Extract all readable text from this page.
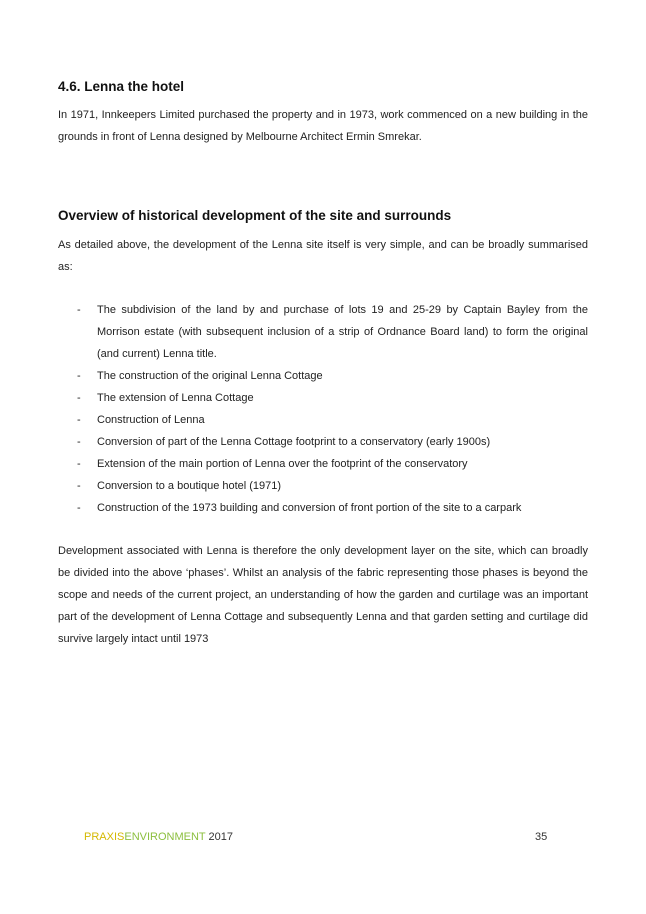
4.6. Lenna the hotel

In 1971, Innkeepers Limited purchased the property and in 1973, work commenced on a new building in the grounds in front of Lenna designed by Melbourne Architect Ermin Smrekar.

Overview of historical development of the site and surrounds

As detailed above, the development of the Lenna site itself is very simple, and can be broadly summarised as:

- The subdivision of the land by and purchase of lots 19 and 25-29 by Captain Bayley from the Morrison estate (with subsequent inclusion of a strip of Ordnance Board land) to form the original (and current) Lenna title.
- The construction of the original Lenna Cottage
- The extension of Lenna Cottage
- Construction of Lenna
- Conversion of part of the Lenna Cottage footprint to a conservatory (early 1900s)
- Extension of the main portion of Lenna over the footprint of the conservatory
- Conversion to a boutique hotel (1971)
- Construction of the 1973 building and conversion of front portion of the site to a carpark

Development associated with Lenna is therefore the only development layer on the site, which can broadly be divided into the above ‘phases’. Whilst an analysis of the fabric representing those phases is beyond the scope and needs of the current project, an understanding of how the garden and curtilage was an important part of the development of Lenna Cottage and subsequently Lenna and that garden setting and curtilage did survive largely intact until 1973

PRAXISENVIRONMENT 2017	35
